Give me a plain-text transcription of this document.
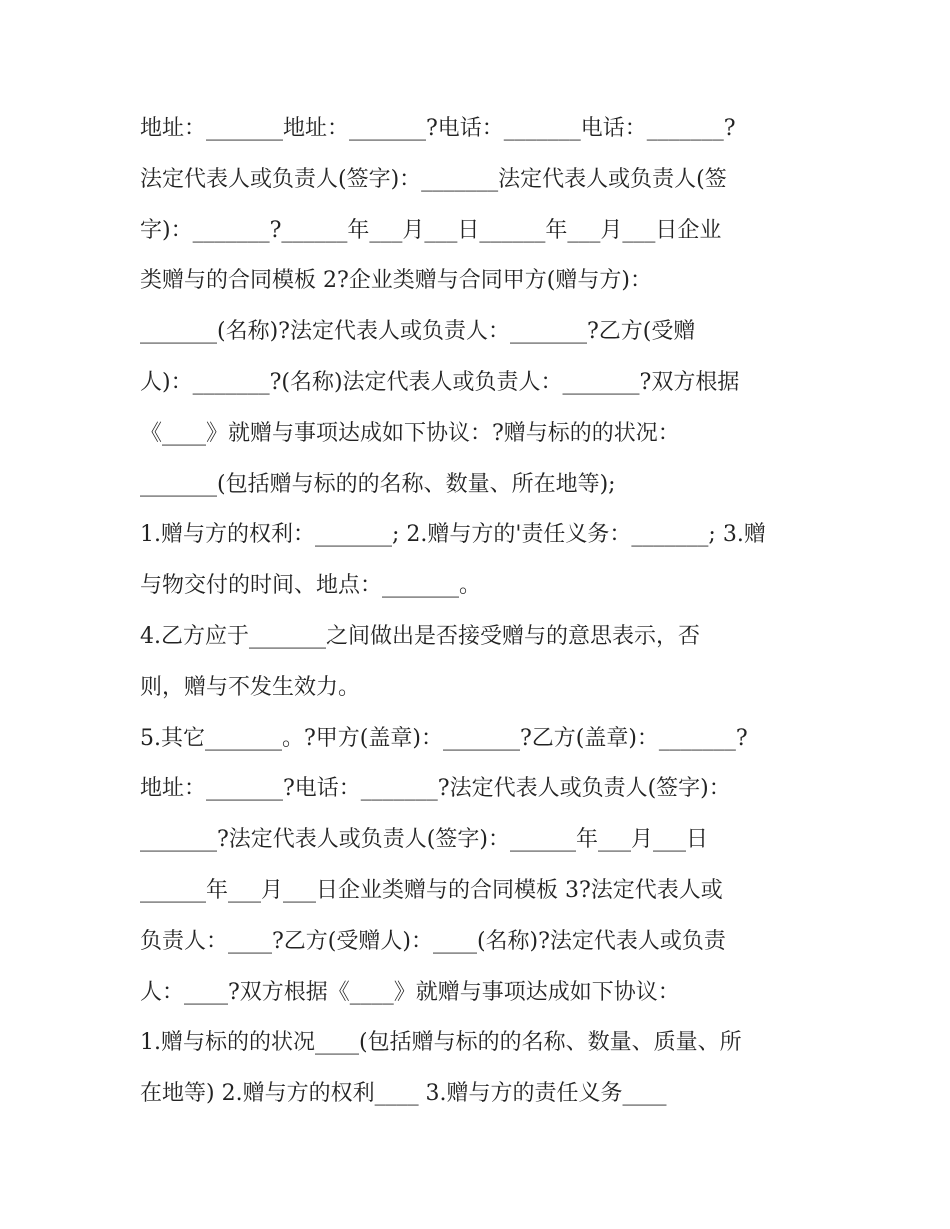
地址：_______地址：_______?电话：_______电话：_______?
法定代表人或负责人(签字)：_______法定代表人或负责人(签
字)：_______?______年___月___日______年___月___日企业
类赠与的合同模板 2?企业类赠与合同甲方(赠与方)：
_______(名称)?法定代表人或负责人：_______?乙方(受赠
人)：_______?(名称)法定代表人或负责人：_______?双方根据
《____》就赠与事项达成如下协议：?赠与标的的状况：
_______(包括赠与标的的名称、数量、所在地等);
1.赠与方的权利：_______; 2.赠与方的'责任义务：_______; 3.赠
与物交付的时间、地点：_______。
4.乙方应于_______之间做出是否接受赠与的意思表示，否
则，赠与不发生效力。
5.其它_______。?甲方(盖章)：_______?乙方(盖章)：_______?
地址：_______?电话：_______?法定代表人或负责人(签字)：
_______?法定代表人或负责人(签字)：______年___月___日
______年___月___日企业类赠与的合同模板 3?法定代表人或
负责人：____?乙方(受赠人)：____(名称)?法定代表人或负责
人：____?双方根据《____》就赠与事项达成如下协议：
1.赠与标的的状况____(包括赠与标的的名称、数量、质量、所
在地等) 2.赠与方的权利____ 3.赠与方的责任义务____
